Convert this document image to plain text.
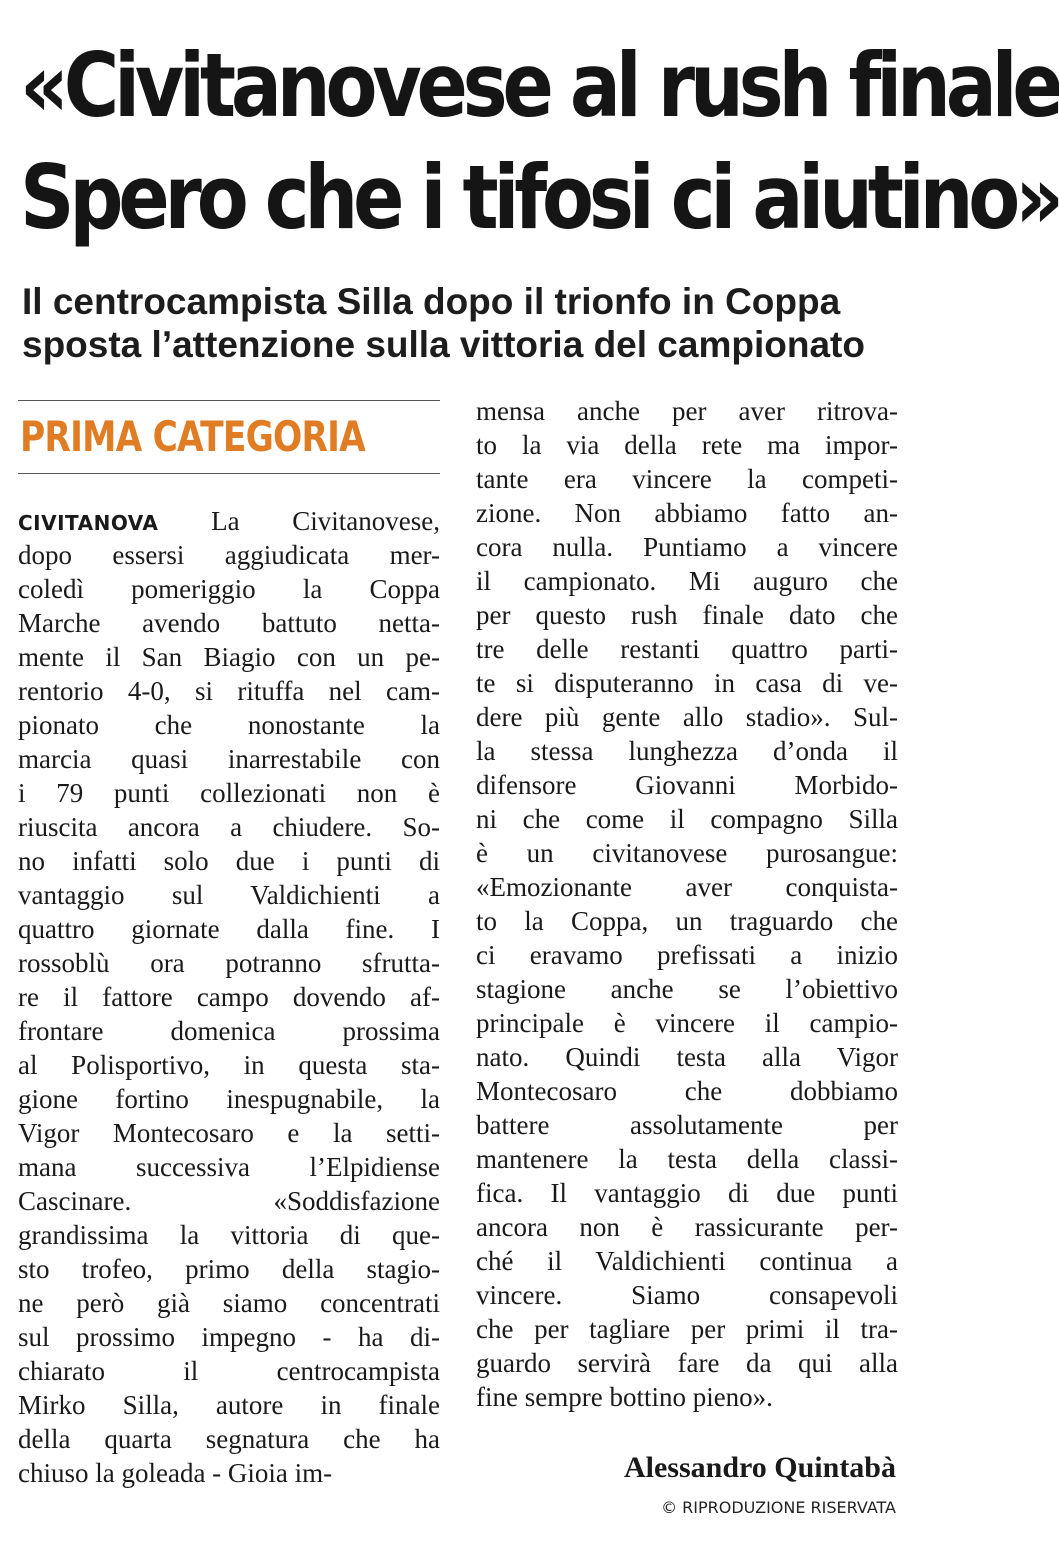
«Civitanovese al rush finale
Spero che i tifosi ci aiutino»
Il centrocampista Silla dopo il trionfo in Coppa
sposta l’attenzione sulla vittoria del campionato
PRIMA CATEGORIA
CIVITANOVA La Civitanovese,
dopo essersi aggiudicata mer-
coledì pomeriggio la Coppa
Marche avendo battuto netta-
mente il San Biagio con un pe-
rentorio 4-0, si rituffa nel cam-
pionato che nonostante la
marcia quasi inarrestabile con
i 79 punti collezionati non è
riuscita ancora a chiudere. So-
no infatti solo due i punti di
vantaggio sul Valdichienti a
quattro giornate dalla fine. I
rossoblù ora potranno sfrutta-
re il fattore campo dovendo af-
frontare domenica prossima
al Polisportivo, in questa sta-
gione fortino inespugnabile, la
Vigor Montecosaro e la setti-
mana successiva l’Elpidiense
Cascinare. «Soddisfazione
grandissima la vittoria di que-
sto trofeo, primo della stagio-
ne però già siamo concentrati
sul prossimo impegno - ha di-
chiarato il centrocampista
Mirko Silla, autore in finale
della quarta segnatura che ha
chiuso la goleada - Gioia im-
mensa anche per aver ritrova-
to la via della rete ma impor-
tante era vincere la competi-
zione. Non abbiamo fatto an-
cora nulla. Puntiamo a vincere
il campionato. Mi auguro che
per questo rush finale dato che
tre delle restanti quattro parti-
te si disputeranno in casa di ve-
dere più gente allo stadio». Sul-
la stessa lunghezza d’onda il
difensore Giovanni Morbido-
ni che come il compagno Silla
è un civitanovese purosangue:
«Emozionante aver conquista-
to la Coppa, un traguardo che
ci eravamo prefissati a inizio
stagione anche se l’obiettivo
principale è vincere il campio-
nato. Quindi testa alla Vigor
Montecosaro che dobbiamo
battere assolutamente per
mantenere la testa della classi-
fica. Il vantaggio di due punti
ancora non è rassicurante per-
ché il Valdichienti continua a
vincere. Siamo consapevoli
che per tagliare per primi il tra-
guardo servirà fare da qui alla
fine sempre bottino pieno».
Alessandro Quintabà
© RIPRODUZIONE RISERVATA
